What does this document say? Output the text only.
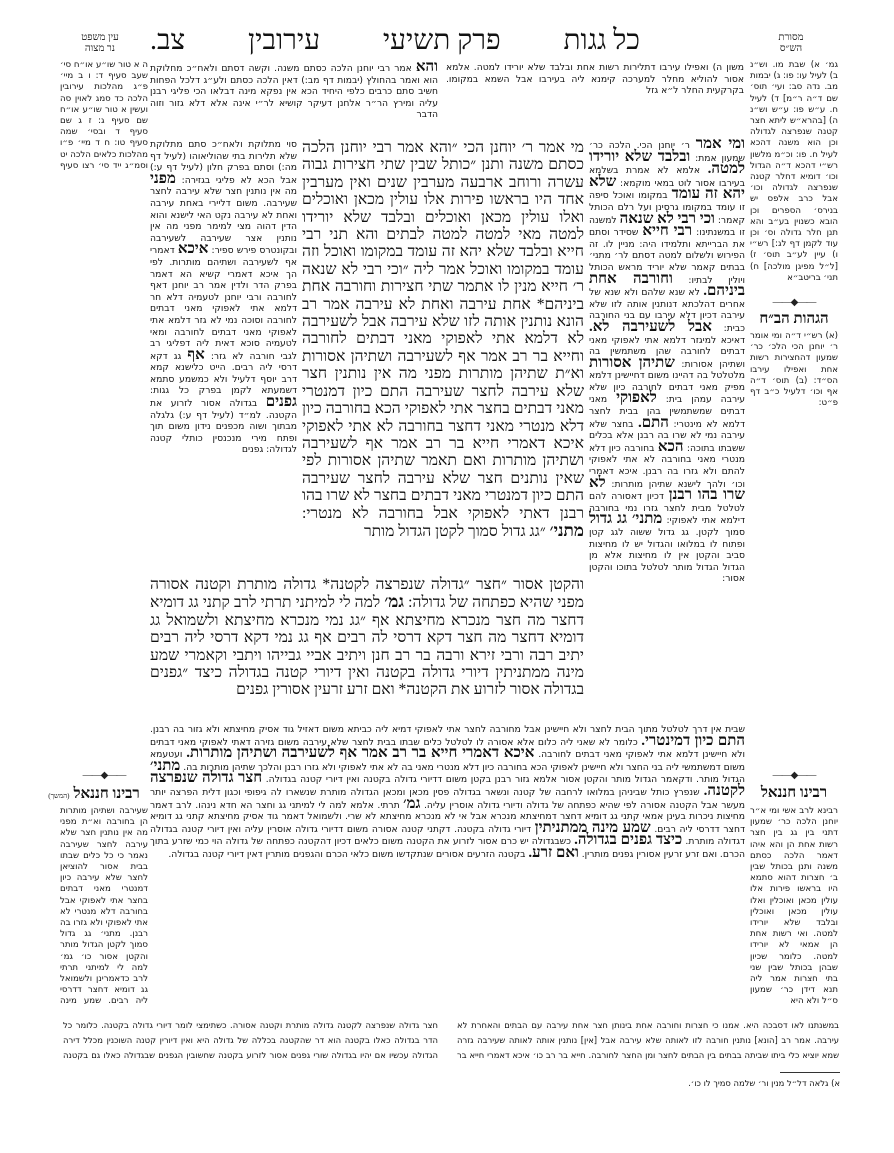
מסורת
הש״ס
כל גגות
פרק תשיעי
עירובין
צב.
עין משפט
נר מצוה
והא אמר רבי יוחנן הלכה כסתם משנה. וקשה דסתם ולאח״כ מחלוקת הוא ואמר בהחולץ (יבמות דף מב:) דאין הלכה כסתם ולע״ג דלכל הפחות חשיב סתם כרבים כלפי היחיד הכא אין נפקא מינה דבלאו הכי פליגי רבנן עליה ומירץ הר״ר אלחנן דעיקר קושיא לר״י אינה אלא דלא גזור וזוה הדבר
משון ה) ואפילו עירבו דתלירות רשות אחת ובלבד שלא יורידו למטה. אלמא אסור להוליא מחלר למערכה קימנא ליה בעירבו אבל השמא במקומו. בקרקעית החלר ל״א גזל
מי אמר ר׳ יוחנן הכי ״והא אמר רבי יוחנן הלכה כסתם משנה ותנן ״כותל שבין שתי חצירות גבוה עשרה ורוחב ארבעה מערבין שנים ואין מערבין אחד היו בראשו פירות אלו עולין מכאן ואוכלים ואלו עולין מכאן ואוכלים ובלבד שלא יורידו למטה מאי למטה למטה לבתים והא תני רבי חייא ובלבד שלא יהא זה עומד במקומו ואוכל וזה עומד במקומו ואוכל אמר ליה ״וכי רבי לא שנאה ר׳ חייא מנין לו אתמר שתי חצירות וחורבה אחת ביניהם* אחת עירבה ואחת לא עירבה אמר רב הונא נותנין אותה לזו שלא עירבה אבל לשעירבה לא דלמא אתי לאפוקי מאני דבתים לחורבה וחייא בר רב אמר אף לשעירבה ושתיהן אסורות וא״ת שתיהן מותרות מפני מה אין נותנין חצר שלא עירבה לחצר שעירבה התם כיון דמנטרי מאני דבתים בחצר אתי לאפוקי הכא בחורבה כיון דלא מנטרי מאני דחצר בחורבה לא אתי לאפוקי איכא דאמרי חייא בר רב אמר אף לשעירבה ושתיהן מותרות ואם תאמר שתיהן אסורות לפי שאין נותנים חצר שלא עירבה לחצר שעירבה התם כיון דמנטרי מאני דבתים בחצר לא שרו בהו רבנן דאתי לאפוקי אבל בחורבה לא מנטרי: מתני׳ ״גג גדול סמוך לקטן הגדול מותר
והקטן אסור ״חצר ״גדולה שנפרצה לקטנה* גדולה מותרת וקטנה אסורה מפני שהיא כפתחה של גדולה: גמ׳ למה לי למיתני תרתי לרב קתני גג דומיא דחצר מה חצר מנכרא מחיצתא אף ״גג נמי מנכרא מחיצתא ולשמואל גג דומיא דחצר מה חצר דקא דרסי לה רבים אף גג נמי דקא דרסי ליה רבים יתיב רבה ורבי זירא ורבה בר רב חנן ויתיב אביי גבייהו ויתבי וקאמרי שמע מינה ממתניתין דיורי גדולה בקטנה ואין דיורי קטנה בגדולה כיצד ״גפנים בגדולה אסור לזרוע את הקטנה* ואם זרע זרעין אסורין גפנים
סוי מתלוקת ולאח״כ סתם מתלוקת שלא תלירות בתי שהוליאוהו (לעיל דף מה:) וסתם בפרק חלון (לעיל דף ע:) אבל הכא לא פליגי בגזירה: מפני מה אין נותנין חצר שלא עירבה לחצר שעירבה. משום דליירי באחת עירבה ואחת לא עירבה נקט האי לישנא והוא הדין דהוה מצי למימר מפני מה אין נותנין אצר שעירבה לשעירבה ובקונטרס פירש ספיר: איכא דאמרי אף לשעירבה ושתיהם מותרות. לפי הך איכא דאמרי קשיא הא דאמר בפרק הדר ולדין אמר רב יוחנן דאף לחורבה ורבי יוחנן לטעמיה דלא חר דלמא אתי לאפוקי מאני דבתים לחורבה וסוכה נמי לא גזר דלמא אתי לאפוקי מאני דבתים לחורבה ומאי לטעמיה סוכא דאית ליה דפליגי רב לגבי חורבה לא גזר: אף גג דקא דרסי ליה רבים. הייט כלישנא קמא דרב יוסף דלעיל ולא כמשמע סתמא דשמעתא לקמן בפרק כל גגות: גפנים בגדולה אסור לזרוע את הקטנה. למ״ד (לעיל דף ע:) גלגלה מבתוך ושוה מכפנים נידון משום תוך ופתח מירי מנכנסין כותלי קטנה לגדולה: גפנים
ומי אמר ר׳ יוחנן הכי. הלכה כר׳ שמעון אמת: ובלבד שלא יורידו למטה. אלמא לא אמרת בשלמא בעירבו אסור לוט במאי מוקמא: שלא יהא זה עומד במקומו ואוכל סיפה זו עומד במקומו גרסינן ועל רלם הכותל קאמר: וכי רבי לא שנאה למשנה זו במשנתינו: רבי חייא שסידר וסתם את הברייתא ותלמידו היה: מניין לו. זה הפירוש ולשלום למטה דסתם לר׳ מתני׳ בבתים קאמר שלא יוריד מראש הכותל ויולין לבתיו: וחורבה אחת ביניהם. לא שנא שלהם ולא שנא של אחרים דהלכתא דנותנין אותה לזו שלא עירבה דכיון דלא עירבו עם בני החורבה כבית: אבל לשעירבה לא. דאיכא למיגזר דלמא אתי לאפוקי מאני דבתים לחורבה שהן משתמשין בה ושתיהן אסורות: שתיהן אסורות מלטלטל בה דהיינו משום דחיישינן דלמא מפיק מאני דבתים לחורבה כיון שלא עירבה עמהן בית: לאפוקי מאני דבתים שמשתמשין בהן בבית לחצר דלמא לא מינטרי: התם. בחצר שלא עירבה נמי לא שרו בה רבנן אלא בכלים ששבתו בתוכה: הכא בחורבה כיון דלא מנטרי מאני בחורבה לא אתי לאפוקי להתם ולא גזרו בה רבנן. איכא דאמרי וכו׳ ולהך לישנא שתיהן מותרות: לא שרו בהו רבנן דכיון דאסורה להם לטלטל מבית לחצר גזרו נמי בחורבה דילמא אתי לאפוקי: מתני׳ גג גדול סמוך לקטן. גג גדול ששוה לגג קטן ופתוח לו במלואו והגדול יש לו מחיצות סביב והקטן אין לו מחיצות אלא מן הגדול הגדול מותר לטלטל בתוכו והקטן אסור:
שבית אין דרך לטלטל מתוך הבית לחצר ולא חיישינן אבל מחורבה לחצר אתי לאפוקי דמיא ליה כביתא משום דאזיל גוד אסיק מחיצתא ולא גזור בה רבנן. התם כיון דמינטרי. כלומר לא שאני ליה כלום אלא אסורה לו לטלטל כלים שבתו בבית לחצר שלא עירבה משום גזירה דאתי לאפוקי מאני דבתים ולא חיישינן דלמא אתי לאפוקי מאני דבתים לחורבה. איכא דאמרי חייא בר רב אמר אף לשעירבה ושתיהן מותרות. ועטעמא משום דמשתמשי ליה בני החצר ולא חיישינן לאפוקי הכא בחורבה כיון דלא מנטרי מאני בה לא אתי לאפוקי ולא גזרו רבנן והלכך שתיהן מותרות בה. מתני׳ הגדול מותר. ודקאמר הגדול מותר והקטן אסור אלמא גזור רבנן בקטן משום דדיורי גדולה בקטנה ואין דיורי קטנה בגדולה. חצר גדולה שנפרצה לקטנה. שנפרץ כותל שביניהן במלואו לרחבה של קטנה ונשאר בגדולה פסין מכאן ומכאן הגדולה מותרת שנשארו לה גיפופי וכגון דלית הפרצה יותר מעשר אבל הקטנה אסורה לפי שהיא כפתחה של גדולה ודיורי גדולה אוסרין עליה. גמ׳ תרתי. אלמא למה לי למיתני גג וחצר הא חדא נינהו. לרב דאמר מחיצות ניכרות בעינן אמאי קתני גג דומיא דחצר דמחיצתא מנכרא אבל אי לא מנכרא מחיצתא לא שרי. ולשמואל דאמר גוד אסיק מחיצתא קתני גג דומיא דחצר דדרסי ליה רבים. שמע מינה ממתניתין דיורי גדולה בקטנה. דקתני קטנה אסורה משום דדיורי גדולה אוסרין עליה ואין דיורי קטנה בגדולה דגדולה מותרת. כיצד גפנים בגדולה. כשבגדולה יש כרם אסור לזרוע את הקטנה משום כלאים דכיון דהקטנה כפתחה של גדולה הוי כמי שזרע בתוך הכרם. ואם זרע זרעין אסורין גפנים מותרין. ואם זרע. בקטנה הזרעים אסורים שנתקדשו משום כלאי הכרם והגפנים מותרין דאין דיורי קטנה בגדולה.
ה א טור שו״ע או״ח סי׳ שעב סעיף ד: ו ב מיי׳ פ״ג מהלכות עירובין הלכה כד סמג לאוין סה ועשין א טור שו״ע או״ח שם סעיף ג: ז ג שם סעיף ד ובסי׳ שמה סעיף טו: ח ד מיי׳ פ״ו מהלכות כלאים הלכה יט וסמ״ג ייד סי׳ רצו סעיף
——◆——
רבינו חננאל (המשך)
שעירבה ושתיהן מותרות הן בחורבה וא״ת מפני מה אין נותנין חצר שלא עירבה לחצר שעירבה נאמר כי כל כלים שבתו בבית אסור להוציאן לחצר שלא עירבה כיון דמנטרי מאני דבתים בחצר אתי לאפוקי אבל בחורבה דלא מנטרי לא אתי לאפוקי ולא גזרו בה רבנן. מתני׳ גג גדול סמוך לקטן הגדול מותר והקטן אסור כו׳ גמ׳ למה לי למיתני תרתי לרב כדאמרינן ולשמואל גג דומיא דחצר דדרסי ליה רבים. שמע מינה
גמ׳ א) שבת מו. וש״נ ב) לעיל עו: פו: ג) יבמות מב. נדה סב: ועי׳ תוס׳ שם ד״ה ר״מ] ד) לעיל ח. ע״ש פו: ע״ש וש״נ ה) [בהרא״ש ליתא חצר קטנה שנפרצה לגדולה וכן הוא משנה דהכא לעיל ח. פו: וכ״מ מלשון רש״י דהכא ד״ה הגדול וכו׳ דומיא דחלר קטנה שנפרצה לגדולה וכו׳ אבל כרב אלפס יש בנירס׳ הספרים וכן הובא כשנוין בע״ב והא תנן חלר גדולה וס׳ וכן עוד לקמן דף לג:] רש״י ו) עיין לע״ב תוס׳ ז) [ל״ל מפיגן מולכה] ח) תני׳ בריטב״א
——◆——
הגהות הב״ח
(א) רש״י ד״ה ומי אומר ר׳ יוחנן הכי הלכ׳ כר׳ שמעון דהחצירות רשות אחת ואפילו עירבו הס״ד: (ב) תוס׳ ד״ה אף וכו׳ דלעיל כ״ב דף פ״ט:
——◆——
רבינו חננאל
רבינא לרב אשי ומי א״ר יוחנן הלכה כר׳ שמעון דתני בין גג בין חצר רשות אחת הן והא איהו דאמר הלכה כסתם משנה ותנן בכותל שבין ב׳ חצרות דהוא סתמא היו בראשו פירות אלו עולין מכאן ואוכלין ואלו עולין מכאן ואוכלין ובלבד שלא יורידו למטה. ואי רשות אחת הן אמאי לא יורידו למטה. כלומר שכיון שבהן בכותל שבין שני בתי חצרות אמר ליה תנא דידן כר׳ שמעון ס״ל ולא היא
במשנתנו לאו דסבכה היא. אמנו כי חצרות וחורבה אחת בינותן חצר אחת עירבה עם הבתים והאחרת לא עירבה. אמר רב [הונא] נותנין חורבה לזו לאותה שלא עירבה אבל [אין] נותנין אותה לאותה שעירבה גזרה שמא יוציא כלי ביתו שביתה בבתים בין הבתים לחצר ומן החצר לחורבה. חייא בר רב כו׳ איכא דאמרי חייא בר
חצר גדולה שנפרצה לקטנה גדולה מותרת וקטנה אסורה. כשתימצי לומר דיורי גדולה בקטנה. כלומר כל הדר בגדולה כאלו בקטנה הוא דר שהקטנה בכללה של גדולה היא ואין דיורין קטנה השוכנין מכלל דירה הגדולה עכשיו אם יהיו בגדולה שורי גפנים אסור לזרוע בקטנה שחשובין הגפנים שבגדולה כאלו גם בקטנה
א) גלאה דל״ל מנין ור׳ שלמה סמיך לו כו׳.
